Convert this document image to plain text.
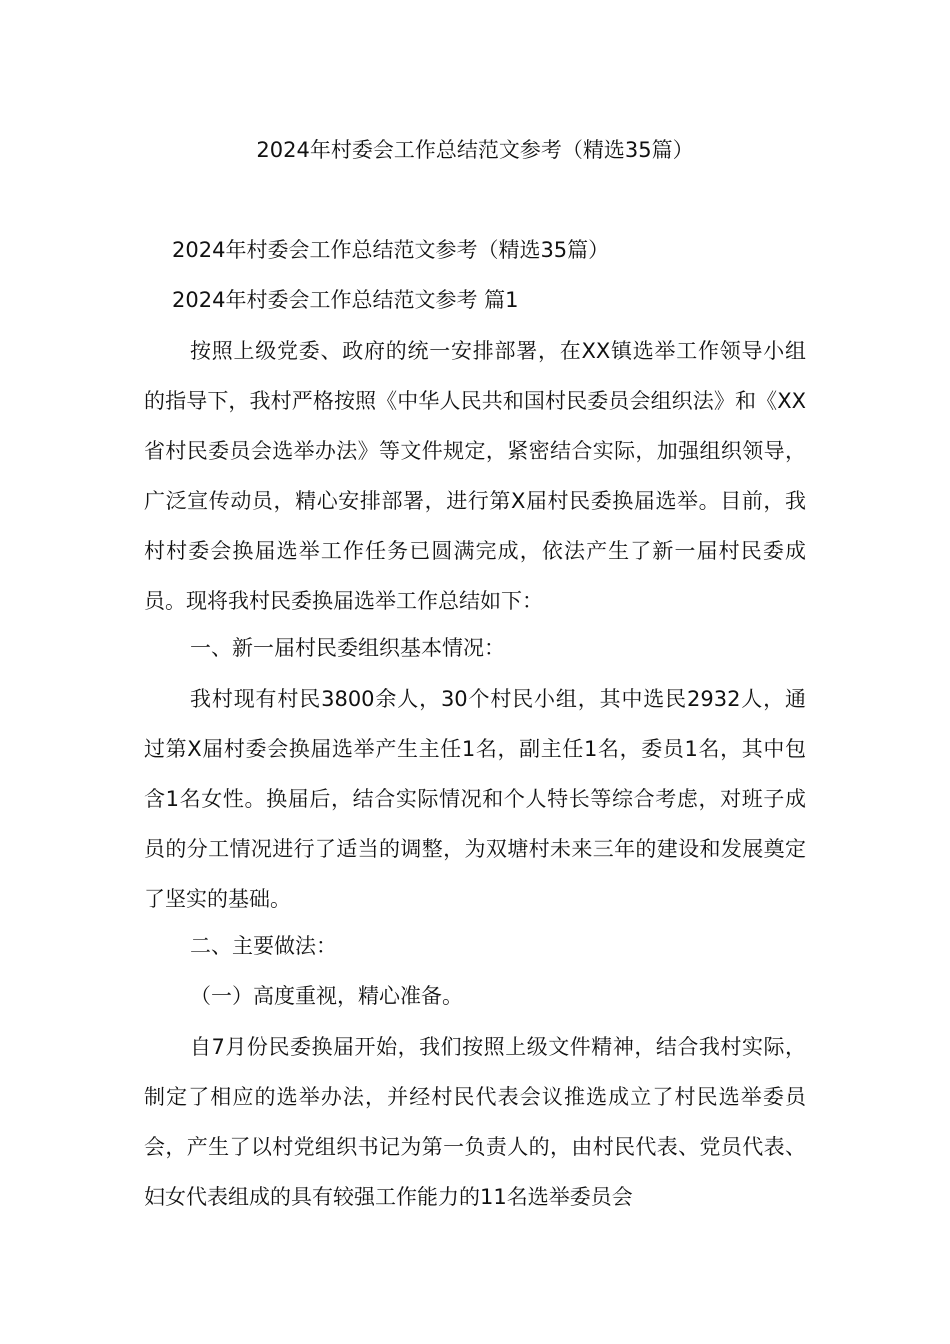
2024年村委会工作总结范文参考（精选35篇）
2024年村委会工作总结范文参考（精选35篇）
2024年村委会工作总结范文参考 篇1
按照上级党委、政府的统一安排部署，在XX镇选举工作领导小组的指导下，我村严格按照《中华人民共和国村民委员会组织法》和《XX省村民委员会选举办法》等文件规定，紧密结合实际，加强组织领导，广泛宣传动员，精心安排部署，进行第X届村民委换届选举。目前，我村村委会换届选举工作任务已圆满完成，依法产生了新一届村民委成员。现将我村民委换届选举工作总结如下：
一、新一届村民委组织基本情况：
我村现有村民3800余人，30个村民小组，其中选民2932人，通过第X届村委会换届选举产生主任1名，副主任1名，委员1名，其中包含1名女性。换届后，结合实际情况和个人特长等综合考虑，对班子成员的分工情况进行了适当的调整，为双塘村未来三年的建设和发展奠定了坚实的基础。
二、主要做法：
（一）高度重视，精心准备。
自7月份民委换届开始，我们按照上级文件精神，结合我村实际，制定了相应的选举办法，并经村民代表会议推选成立了村民选举委员会，产生了以村党组织书记为第一负责人的，由村民代表、党员代表、妇女代表组成的具有较强工作能力的11名选举委员会
